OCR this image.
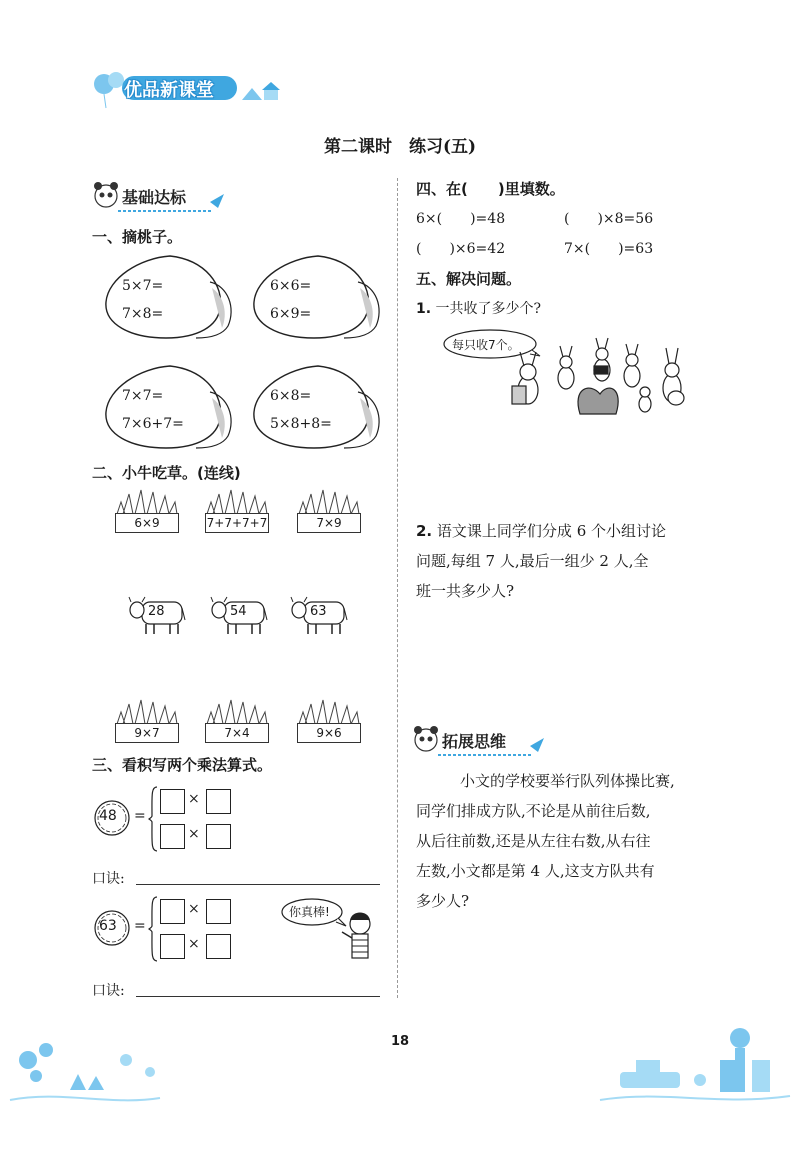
优品新课堂
第二课时　练习(五)
基础达标
一、摘桃子。
5×7=
7×8=
6×6=
6×9=
7×7=
7×6+7=
6×8=
5×8+8=
二、小牛吃草。(连线)
6×9	7+7+7+7	7×9
28	54	63
9×7	7×4	9×6
三、看积写两个乘法算式。
48 =
×
×
口诀:
63 =
×
×
你真棒!
口诀:
四、在(　　)里填数。
6×(　　)=48	(　　)×8=56
(　　)×6=42	7×(　　)=63
五、解决问题。
1. 一共收了多少个?
每只收7个。
2. 语文课上同学们分成 6 个小组讨论
问题,每组 7 人,最后一组少 2 人,全
班一共多少人?
拓展思维
小文的学校要举行队列体操比赛,
同学们排成方队,不论是从前往后数,
从后往前数,还是从左往右数,从右往
左数,小文都是第 4 人,这支方队共有
多少人?
18
